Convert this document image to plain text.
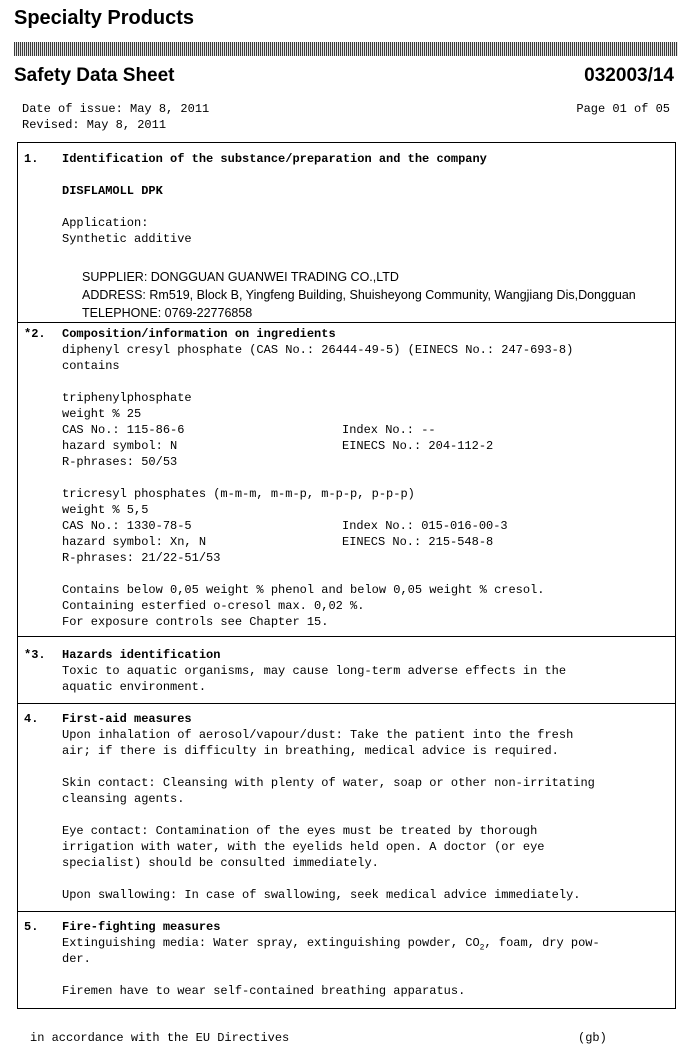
Specialty Products
Safety Data Sheet	032003/14
Date of issue: May 8, 2011
Revised: May 8, 2011
Page 01 of 05
1. Identification of the substance/preparation and the company
DISFLAMOLL DPK
Application:
Synthetic additive
SUPPLIER: DONGGUAN GUANWEI TRADING CO.,LTD
ADDRESS: Rm519, Block B, Yingfeng Building, Shuisheyong Community, Wangjiang Dis,Dongguan
TELEPHONE: 0769-22776858
*2. Composition/information on ingredients
diphenyl cresyl phosphate (CAS No.: 26444-49-5) (EINECS No.: 247-693-8)
contains
triphenylphosphate
weight % 25
CAS No.: 115-86-6	Index No.: --
hazard symbol: N	EINECS No.: 204-112-2
R-phrases: 50/53
tricresyl phosphates (m-m-m, m-m-p, m-p-p, p-p-p)
weight % 5,5
CAS No.: 1330-78-5	Index No.: 015-016-00-3
hazard symbol: Xn, N	EINECS No.: 215-548-8
R-phrases: 21/22-51/53
Contains below 0,05 weight % phenol and below 0,05 weight % cresol.
Containing esterfied o-cresol max. 0,02 %.
For exposure controls see Chapter 15.
*3. Hazards identification
Toxic to aquatic organisms, may cause long-term adverse effects in the
aquatic environment.
4. First-aid measures
Upon inhalation of aerosol/vapour/dust: Take the patient into the fresh
air; if there is difficulty in breathing, medical advice is required.
Skin contact: Cleansing with plenty of water, soap or other non-irritating
cleansing agents.
Eye contact: Contamination of the eyes must be treated by thorough
irrigation with water, with the eyelids held open. A doctor (or eye
specialist) should be consulted immediately.
Upon swallowing: In case of swallowing, seek medical advice immediately.
5. Fire-fighting measures
Extinguishing media: Water spray, extinguishing powder, $CO_2$, foam, dry pow-
der.
Firemen have to wear self-contained breathing apparatus.
in accordance with the EU Directives	(gb)
